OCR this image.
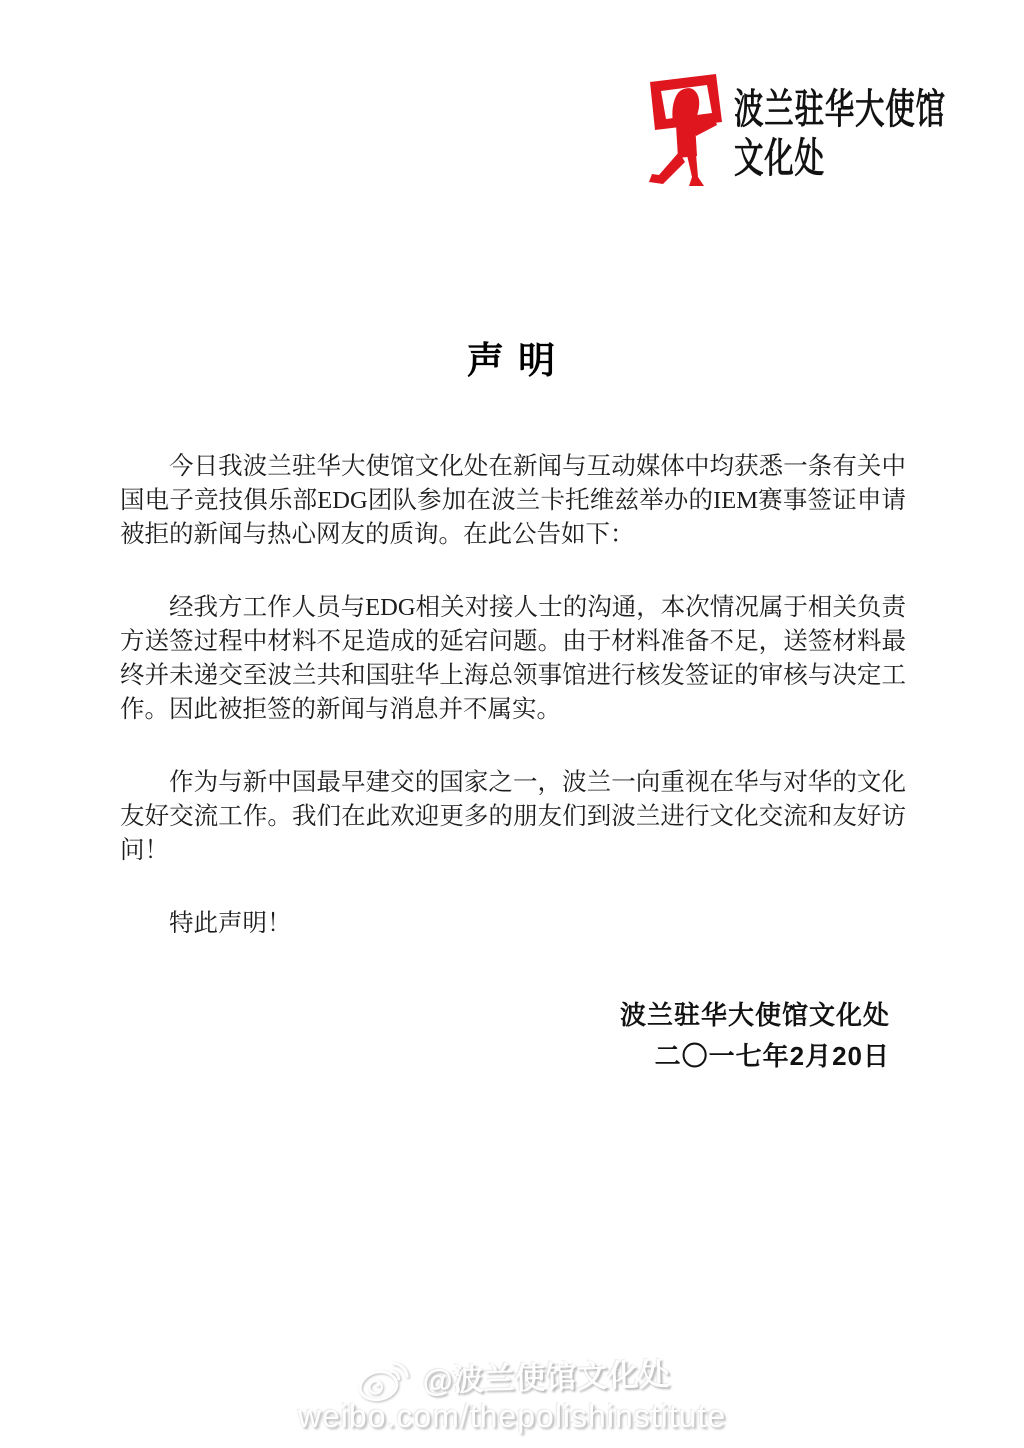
波兰驻华大使馆
文化处
声 明

今日我波兰驻华大使馆文化处在新闻与互动媒体中均获悉一条有关中国电子竞技俱乐部EDG团队参加在波兰卡托维兹举办的IEM赛事签证申请被拒的新闻与热心网友的质询。在此公告如下：

经我方工作人员与EDG相关对接人士的沟通，本次情况属于相关负责方送签过程中材料不足造成的延宕问题。由于材料准备不足，送签材料最终并未递交至波兰共和国驻华上海总领事馆进行核发签证的审核与决定工作。因此被拒签的新闻与消息并不属实。

作为与新中国最早建交的国家之一，波兰一向重视在华与对华的文化友好交流工作。我们在此欢迎更多的朋友们到波兰进行文化交流和友好访问！

特此声明！

波兰驻华大使馆文化处
二〇一七年2月20日
@波兰使馆文化处
weibo.com/thepolishinstitute
